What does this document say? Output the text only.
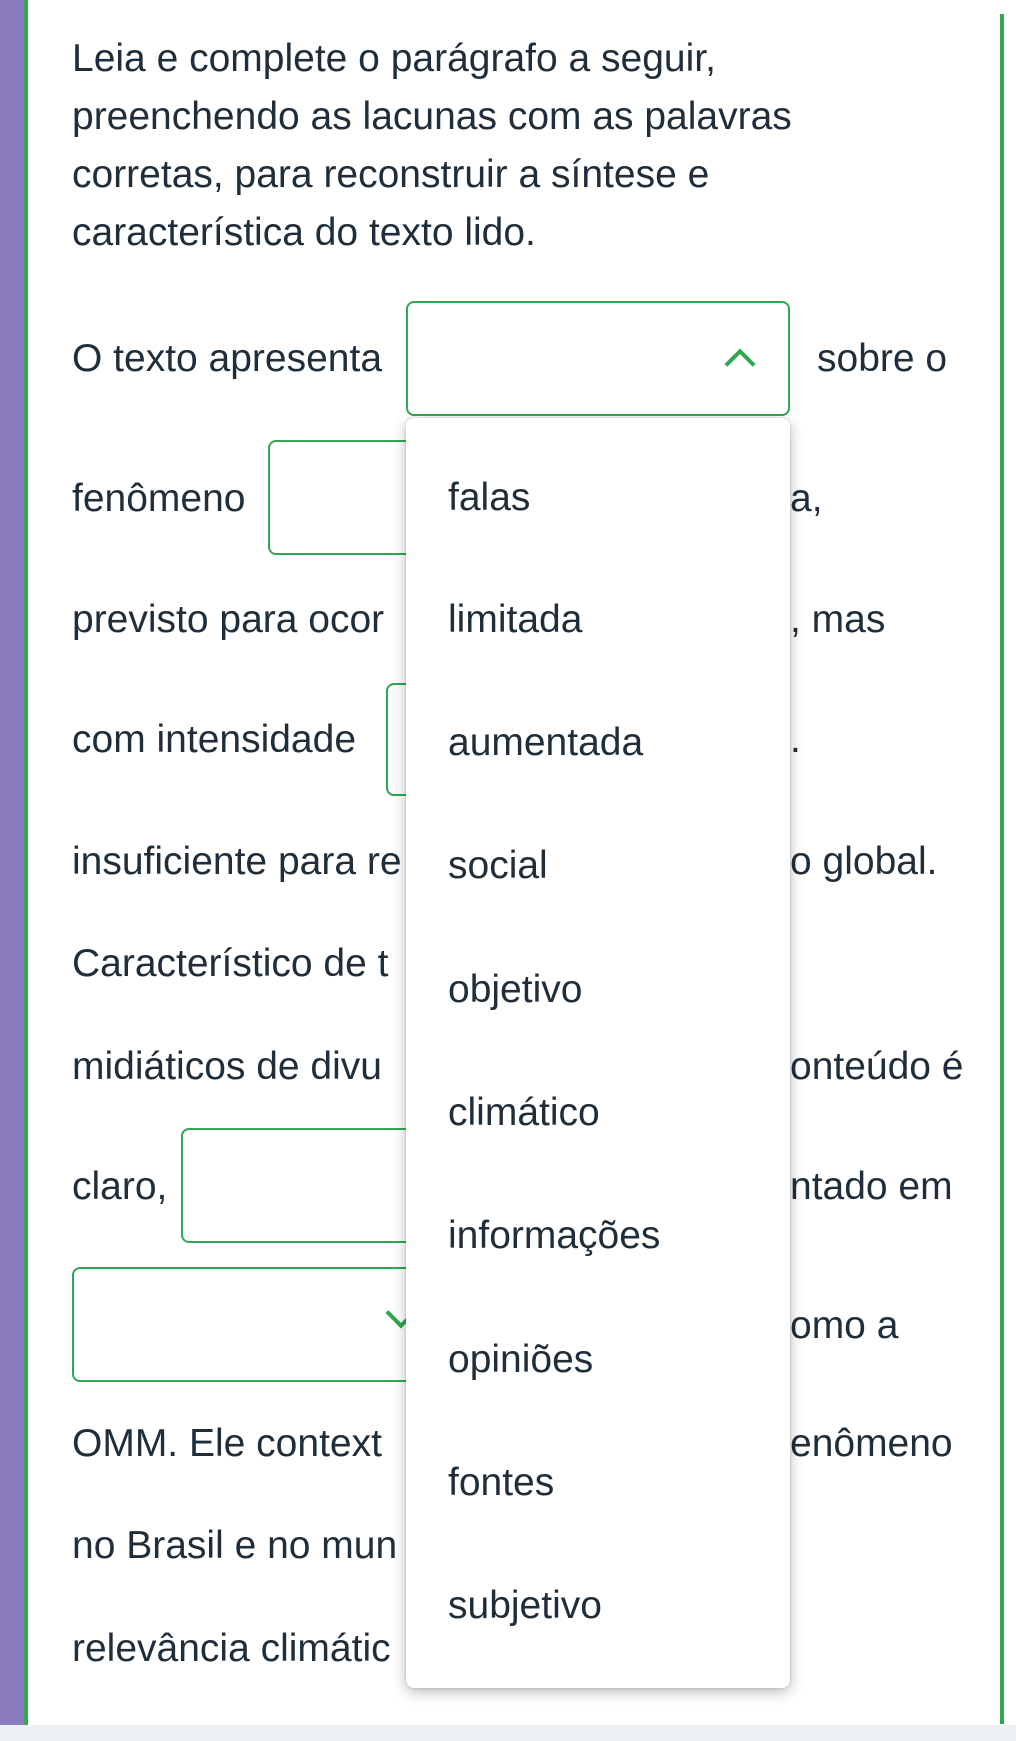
Leia e complete o parágrafo a seguir, preenchendo as lacunas com as palavras corretas, para reconstruir a síntese e característica do texto lido.

O texto apresenta	sobre o
fenômeno	a,
previsto para ocor	, mas
com intensidade	.
insuficiente para re	o global.
Característico de t
midiáticos de divu	onteúdo é
claro,	ntado em
omo a
OMM. Ele context	enômeno
no Brasil e no mun
relevância climátic
falas
limitada
aumentada
social
objetivo
climático
informações
opiniões
fontes
subjetivo
